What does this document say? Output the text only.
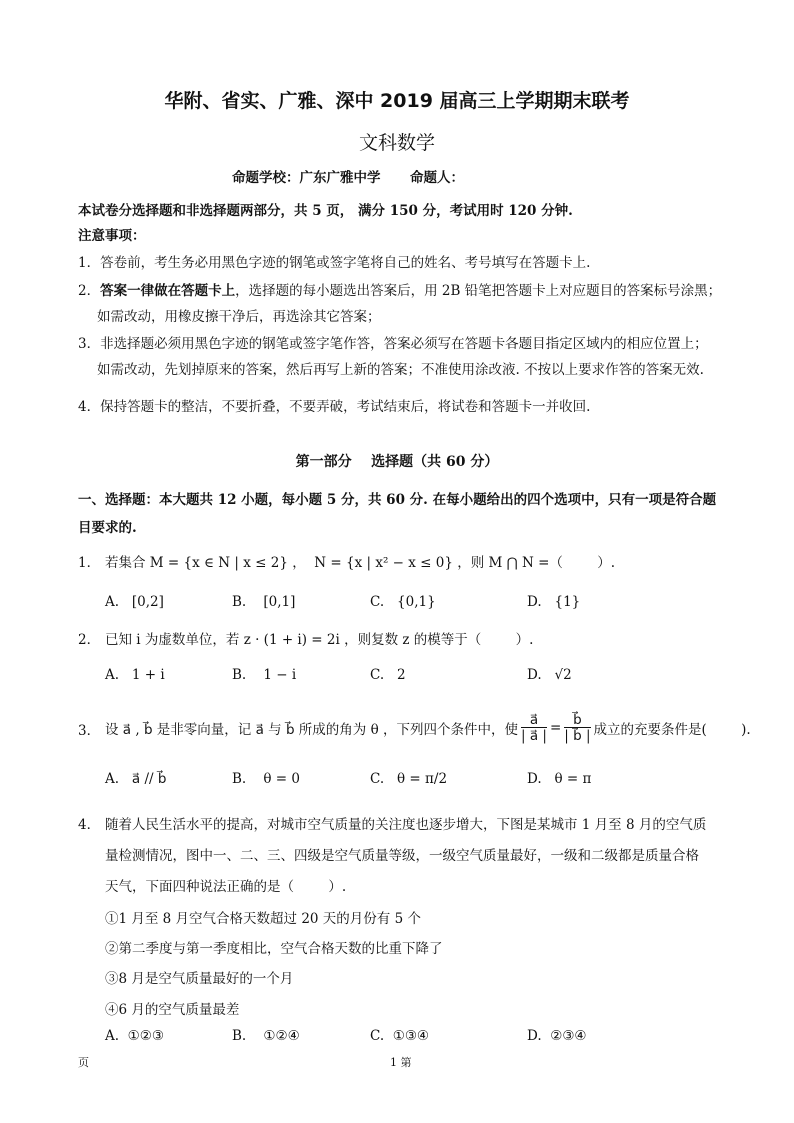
华附、省实、广雅、深中 2019 届高三上学期期末联考
文科数学
命题学校：广东广雅中学 命题人：
本试卷分选择题和非选择题两部分，共 5 页， 满分 150 分，考试用时 120 分钟.
注意事项：
1．答卷前，考生务必用黑色字迹的钢笔或签字笔将自己的姓名、考号填写在答题卡上.
2．答案一律做在答题卡上，选择题的每小题选出答案后，用 2B 铅笔把答题卡上对应题目的答案标号涂黑；
如需改动，用橡皮擦干净后，再选涂其它答案；
3．非选择题必须用黑色字迹的钢笔或签字笔作答，答案必须写在答题卡各题目指定区域内的相应位置上；
如需改动，先划掉原来的答案，然后再写上新的答案；不准使用涂改液. 不按以上要求作答的答案无效.
4．保持答题卡的整洁，不要折叠，不要弄破，考试结束后，将试卷和答题卡一并收回.
第一部分    选择题（共 60 分）
一、选择题：本大题共 12 小题，每小题 5 分，共 60 分. 在每小题给出的四个选项中，只有一项是符合题
目要求的.
1． 若集合 M = {x ∈ N | x ≤ 2} ，  N = {x | x² − x ≤ 0} ，则 M ⋂ N =（        ）.
A.   [0,2]	B.    [0,1]	C.   {0,1}	D.   {1}
2． 已知 i 为虚数单位，若 z · (1 + i) = 2i ，则复数 z 的模等于（        ）.
A.   1 + i	B.    1 − i	C.   2	D.   √2
3． 设 a⃗ , b⃗ 是非零向量，记 a⃗ 与 b⃗ 所成的角为 θ ，下列四个条件中，使 $\frac{a⃗}{| a⃗ |} = \frac{b⃗}{| b⃗ |}$ 成立的充要条件是(        ).
A.   a⃗ // b⃗	B.    θ = 0	C.   θ = π/2	D.   θ = π
4． 随着人民生活水平的提高，对城市空气质量的关注度也逐步增大，下图是某城市 1 月至 8 月的空气质
量检测情况，图中一、二、三、四级是空气质量等级，一级空气质量最好，一级和二级都是质量合格
天气，下面四种说法正确的是（        ）.
①1 月至 8 月空气合格天数超过 20 天的月份有 5 个
②第二季度与第一季度相比，空气合格天数的比重下降了
③8 月是空气质量最好的一个月
④6 月的空气质量最差
A.  ①②③	B.    ①②④	C.  ①③④	D.  ②③④
页	1 第
